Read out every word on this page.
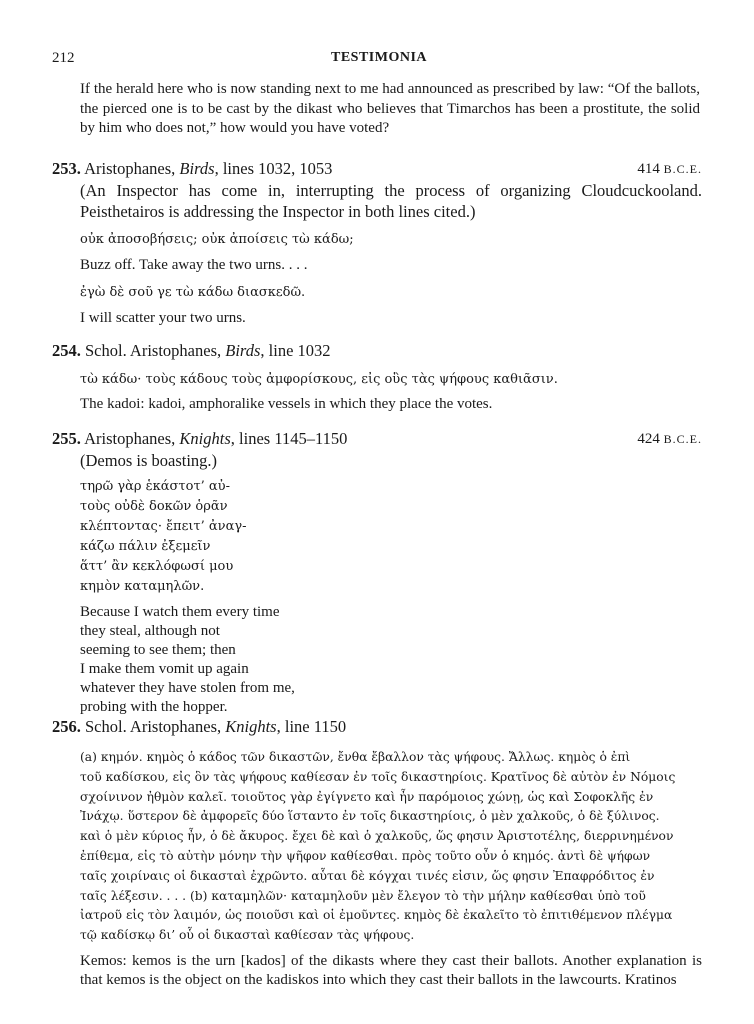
212	TESTIMONIA
If the herald here who is now standing next to me had announced as prescribed by law: “Of the ballots, the pierced one is to be cast by the dikast who believes that Timarchos has been a prostitute, the solid by him who does not,” how would you have voted?
253. Aristophanes, Birds, lines 1032, 1053	414 B.C.E.
(An Inspector has come in, interrupting the process of organizing Cloudcuckooland. Peisthetairos is addressing the Inspector in both lines cited.)
οὐκ ἀποσοβήσεις; οὐκ ἀποίσεις τὼ κάδω;
Buzz off. Take away the two urns. . . .
ἐγὼ δὲ σοῦ γε τὼ κάδω διασκεδῶ.
I will scatter your two urns.
254. Schol. Aristophanes, Birds, line 1032
τὼ κάδω· τοὺς κάδους τοὺς ἀμφορίσκους, εἰς οὓς τὰς ψήφους καθιᾶσιν.
The kadoi: kadoi, amphoralike vessels in which they place the votes.
255. Aristophanes, Knights, lines 1145–1150	424 B.C.E.
(Demos is boasting.)
τηρῶ γὰρ ἑκάστοτ’ αὐ-
τοὺς οὐδὲ δοκῶν ὁρᾶν
κλέπτοντας· ἔπειτ’ ἀναγ-
κάζω πάλιν ἐξεμεῖν
ἅττ’ ἂν κεκλόφωσί μου
κημὸν καταμηλῶν.
Because I watch them every time
they steal, although not
seeming to see them; then
I make them vomit up again
whatever they have stolen from me,
probing with the hopper.
256. Schol. Aristophanes, Knights, line 1150
(a) κημόν. κημὸς ὁ κάδος τῶν δικαστῶν, ἔνθα ἔβαλλον τὰς ψήφους. Ἄλλως. κημὸς ὁ ἐπὶ
τοῦ καδίσκου, εἰς ὃν τὰς ψήφους καθίεσαν ἐν τοῖς δικαστηρίοις. Κρατῖνος δὲ αὐτὸν ἐν Νόμοις
σχοίνινον ἠθμὸν καλεῖ. τοιοῦτος γὰρ ἐγίγνετο καὶ ἦν παρόμοιος χώνῃ, ὡς καὶ Σοφοκλῆς ἐν
Ἰνάχῳ. ὕστερον δὲ ἀμφορεῖς δύο ἵσταντο ἐν τοῖς δικαστηρίοις, ὁ μὲν χαλκοῦς, ὁ δὲ ξύλινος.
καὶ ὁ μὲν κύριος ἦν, ὁ δὲ ἄκυρος. ἔχει δὲ καὶ ὁ χαλκοῦς, ὥς φησιν Ἀριστοτέλης, διερρινημένον
ἐπίθεμα, εἰς τὸ αὐτὴν μόνην τὴν ψῆφον καθίεσθαι. πρὸς τοῦτο οὖν ὁ κημός. ἀντὶ δὲ ψήφων
ταῖς χοιρίναις οἱ δικασταὶ ἐχρῶντο. αὗται δὲ κόγχαι τινές εἰσιν, ὥς φησιν Ἐπαφρόδιτος ἐν
ταῖς λέξεσιν. . . . (b) καταμηλῶν· καταμηλοῦν μὲν ἔλεγον τὸ τὴν μήλην καθίεσθαι ὑπὸ τοῦ
ἰατροῦ εἰς τὸν λαιμόν, ὡς ποιοῦσι καὶ οἱ ἐμοῦντες. κημὸς δὲ ἐκαλεῖτο τὸ ἐπιτιθέμενον πλέγμα
τῷ καδίσκῳ δι’ οὗ οἱ δικασταὶ καθίεσαν τὰς ψήφους.
Kemos: kemos is the urn [kados] of the dikasts where they cast their ballots. Another explanation is that kemos is the object on the kadiskos into which they cast their ballots in the lawcourts. Kratinos
